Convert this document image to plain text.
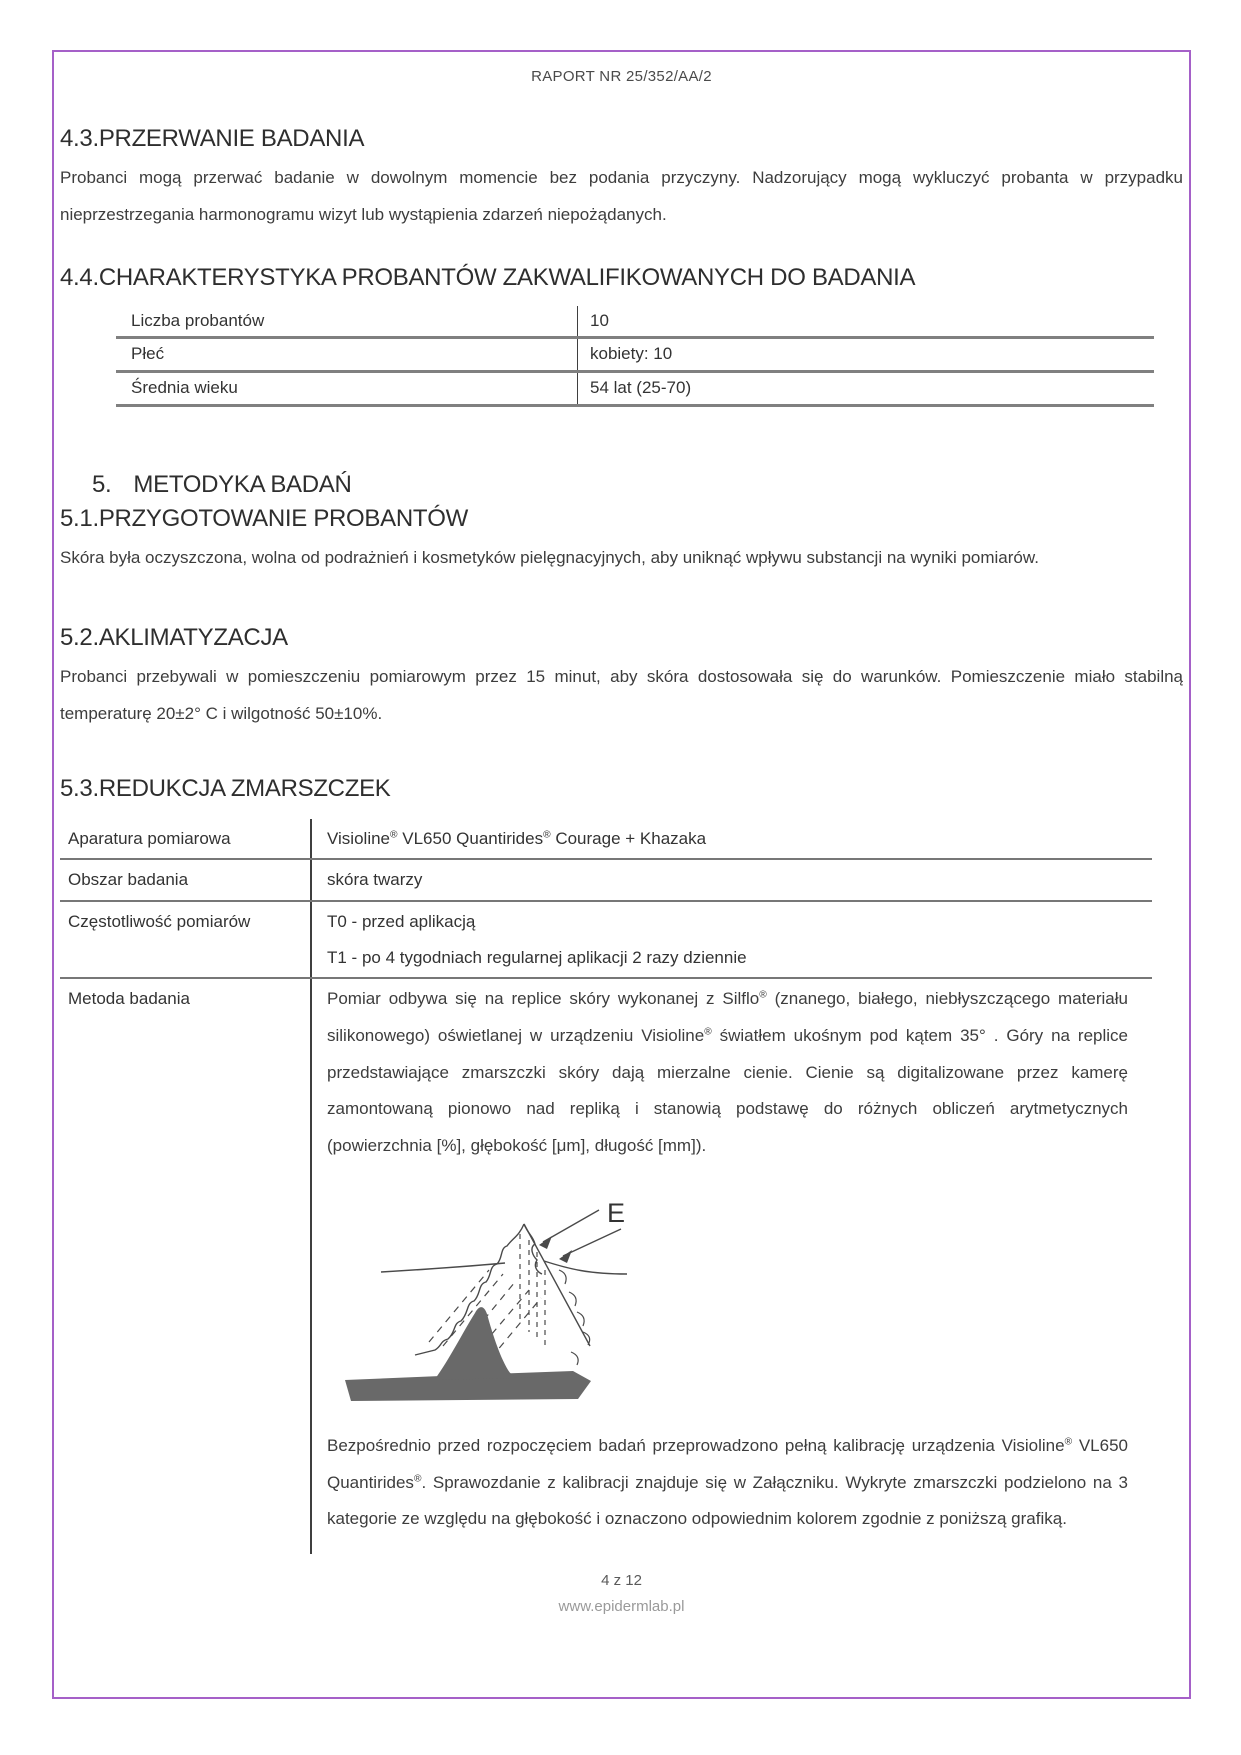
RAPORT NR 25/352/AA/2
4.3.PRZERWANIE BADANIA

Probanci mogą przerwać badanie w dowolnym momencie bez podania przyczyny. Nadzorujący mogą wykluczyć probanta w przypadku nieprzestrzegania harmonogramu wizyt lub wystąpienia zdarzeń niepożądanych.

4.4.CHARAKTERYSTYKA PROBANTÓW ZAKWALIFIKOWANYCH DO BADANIA
Liczba probantów	10
Płeć	kobiety: 10
Średnia wieku	54 lat (25-70)
5. METODYKA BADAŃ
5.1.PRZYGOTOWANIE PROBANTÓW

Skóra była oczyszczona, wolna od podrażnień i kosmetyków pielęgnacyjnych, aby uniknąć wpływu substancji na wyniki pomiarów.

5.2.AKLIMATYZACJA

Probanci przebywali w pomieszczeniu pomiarowym przez 15 minut, aby skóra dostosowała się do warunków. Pomieszczenie miało stabilną temperaturę 20±2° C i wilgotność 50±10%.

5.3.REDUKCJA ZMARSZCZEK
Aparatura pomiarowa	Visioline® VL650 Quantirides® Courage + Khazaka
Obszar badania	skóra twarzy
Częstotliwość pomiarów	T0 - przed aplikacją
T1 - po 4 tygodniach regularnej aplikacji 2 razy dziennie

Metoda badania	Pomiar odbywa się na replice skóry wykonanej z Silflo® (znanego, białego, niebłyszczącego materiału silikonowego) oświetlanej w urządzeniu Visioline® światłem ukośnym pod kątem 35° . Góry na replice przedstawiające zmarszczki skóry dają mierzalne cienie. Cienie są digitalizowane przez kamerę zamontowaną pionowo nad repliką i stanowią podstawę do różnych obliczeń arytmetycznych (powierzchnia [%], głębokość [μm], długość [mm]).

E

Bezpośrednio przed rozpoczęciem badań przeprowadzono pełną kalibrację urządzenia Visioline® VL650 Quantirides®. Sprawozdanie z kalibracji znajduje się w Załączniku. Wykryte zmarszczki podzielono na 3 kategorie ze względu na głębokość i oznaczono odpowiednim kolorem zgodnie z poniższą grafiką.

4 z 12
www.epidermlab.pl
